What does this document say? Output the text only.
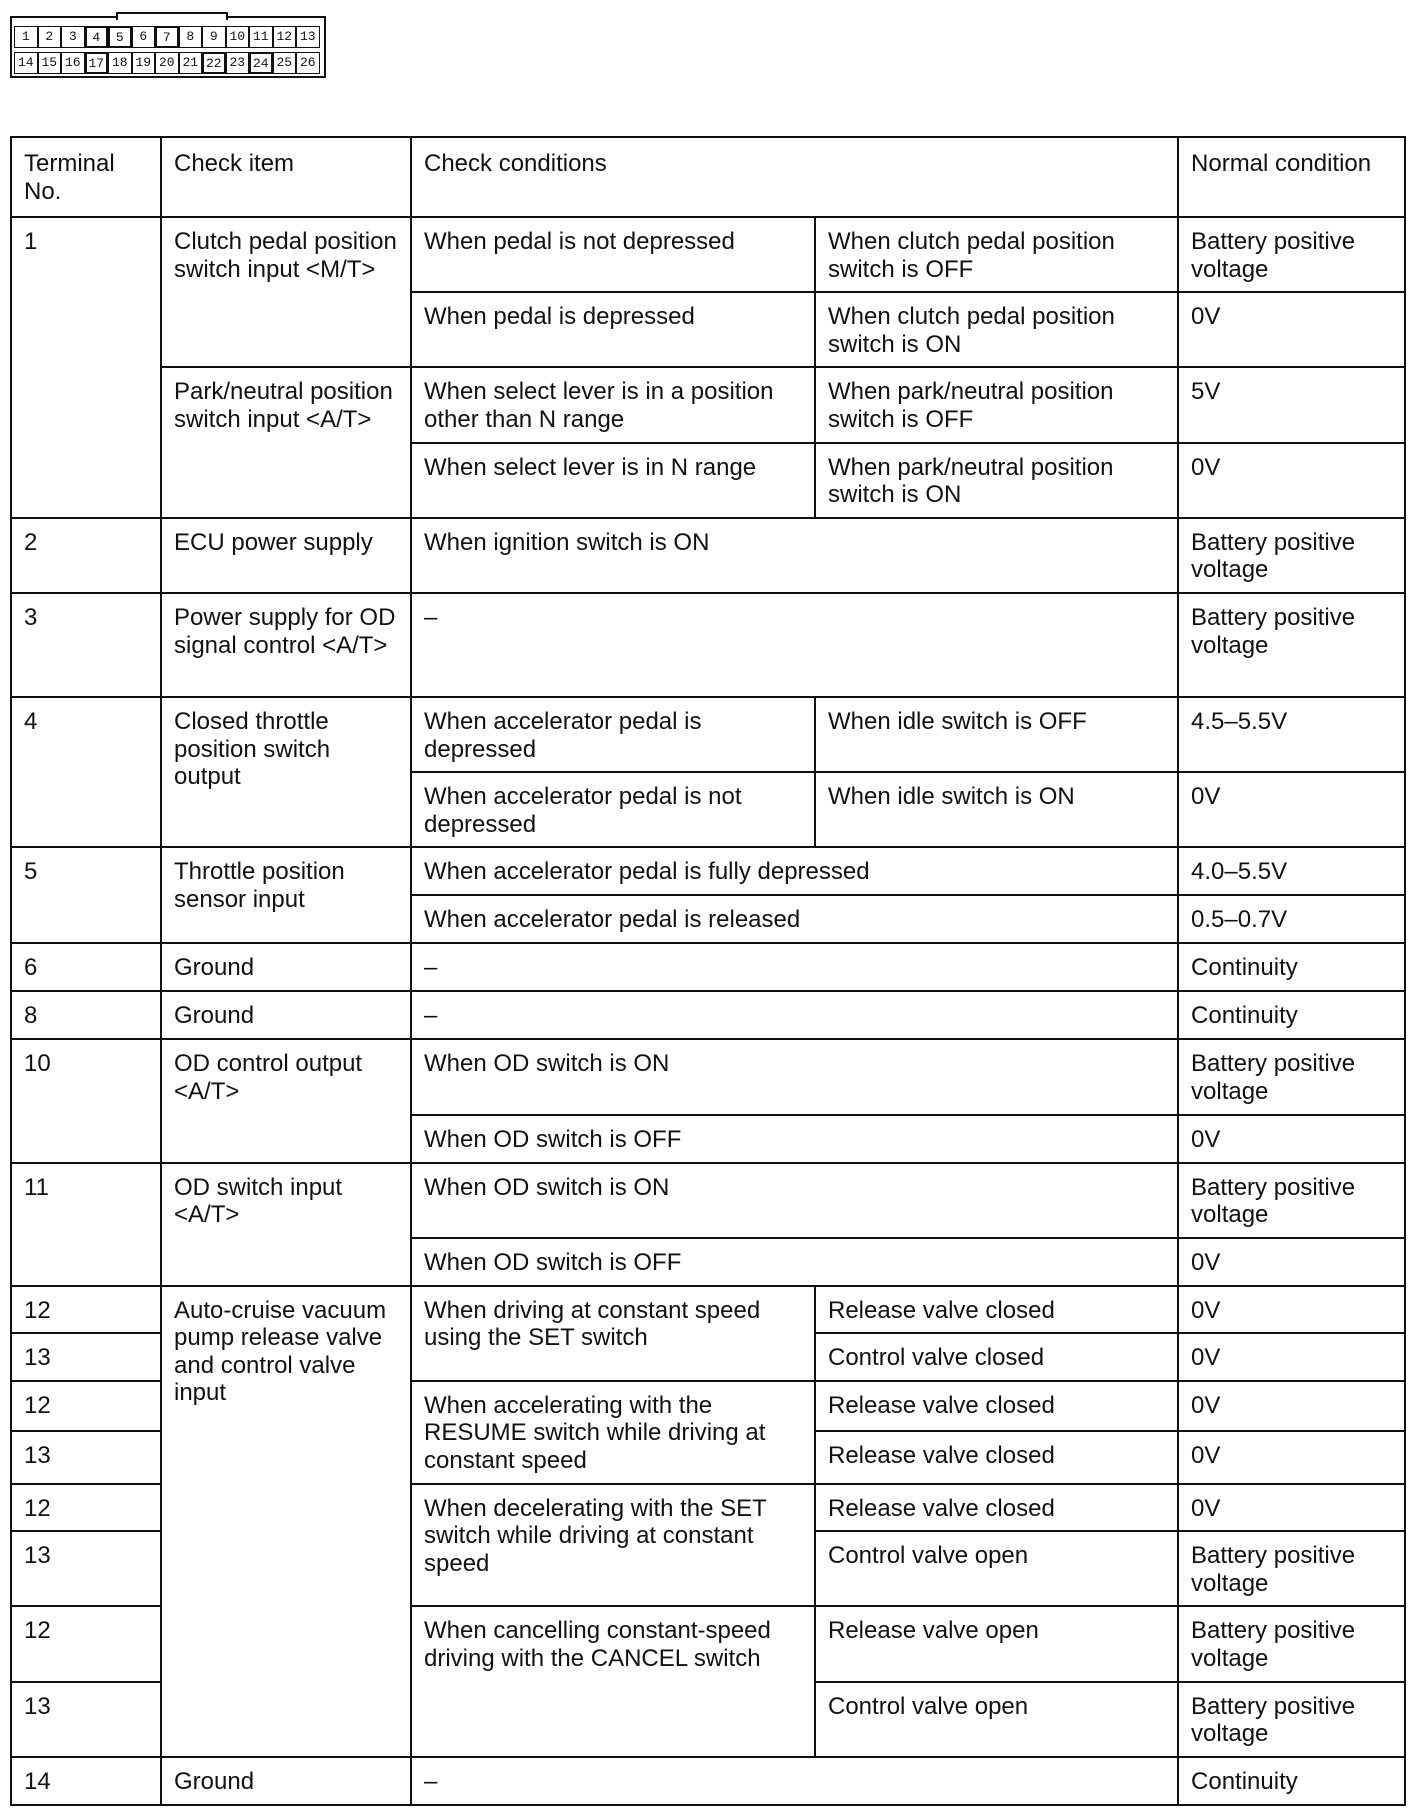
1	2	3	4	5	6	7	8	9 10 11 12 13
14 15 16 17 18 19 20 21 22 23 24 25 26
Terminal No.	Check item	Check conditions		Normal condition
1	Clutch pedal position switch input <M/T>	When pedal is not depressed	When clutch pedal position switch is OFF	Battery positive voltage
		When pedal is depressed	When clutch pedal position switch is ON	0V
	Park/neutral position switch input <A/T>	When select lever is in a position other than N range	When park/neutral position switch is OFF	5V
		When select lever is in N range	When park/neutral position switch is ON	0V
2	ECU power supply	When ignition switch is ON		Battery positive voltage
3	Power supply for OD signal control <A/T>	–		Battery positive voltage
4	Closed throttle position switch output	When accelerator pedal is depressed	When idle switch is OFF	4.5–5.5V
		When accelerator pedal is not depressed	When idle switch is ON	0V
5	Throttle position sensor input	When accelerator pedal is fully depressed		4.0–5.5V
		When accelerator pedal is released		0.5–0.7V
6	Ground	–		Continuity
8	Ground	–		Continuity
10	OD control output <A/T>	When OD switch is ON		Battery positive voltage
		When OD switch is OFF		0V
11	OD switch input <A/T>	When OD switch is ON		Battery positive voltage
		When OD switch is OFF		0V
12	Auto-cruise vacuum pump release valve and control valve input	When driving at constant speed using the SET switch	Release valve closed	0V
13			Control valve closed	0V
12		When accelerating with the RESUME switch while driving at constant speed	Release valve closed	0V
13			Release valve closed	0V
12		When decelerating with the SET switch while driving at constant speed	Release valve closed	0V
13			Control valve open	Battery positive voltage
12		When cancelling constant-speed driving with the CANCEL switch	Release valve open	Battery positive voltage
13			Control valve open	Battery positive voltage
14	Ground	–		Continuity
